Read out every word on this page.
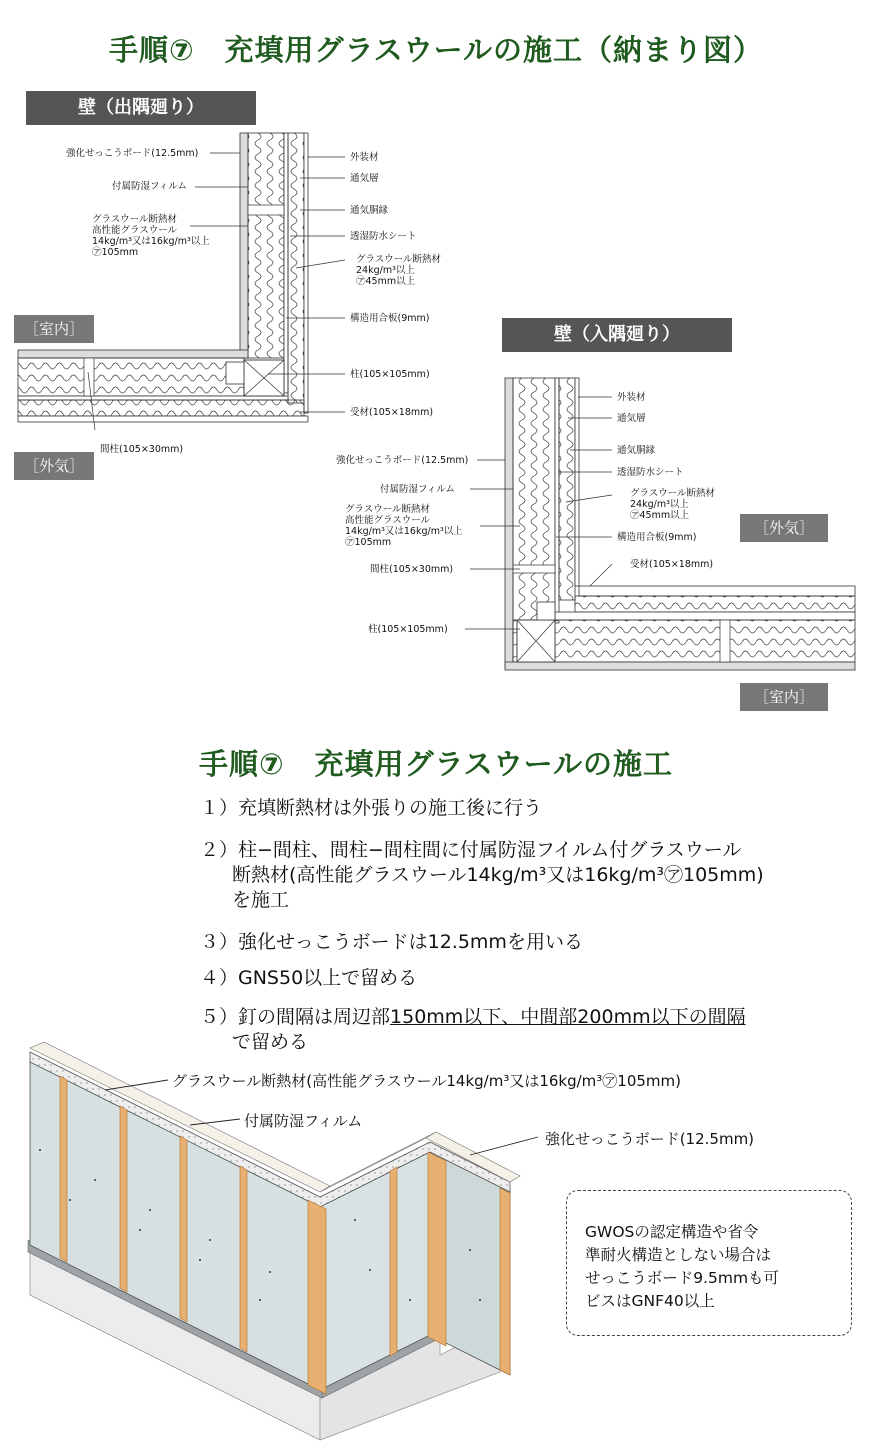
手順⑦　充填用グラスウールの施工（納まり図）
壁（出隅廻り）
［室内］
［外気］
強化せっこうボード(12.5mm)
付属防湿フィルム
グラスウール断熱材
高性能グラスウール
14kg/m³又は16kg/m³以上
㋐105mm
間柱(105×30mm)
外装材
通気層
通気胴縁
透湿防水シート
グラスウール断熱材
24kg/m³以上
㋐45mm以上
構造用合板(9mm)
柱(105×105mm)
受材(105×18mm)
壁（入隅廻り）
［外気］
［室内］
外装材
通気層
通気胴縁
透湿防水シート
グラスウール断熱材
24kg/m³以上
㋐45mm以上
構造用合板(9mm)
受材(105×18mm)
強化せっこうボード(12.5mm)
付属防湿フィルム
グラスウール断熱材
高性能グラスウール
14kg/m³又は16kg/m³以上
㋐105mm
間柱(105×30mm)
柱(105×105mm)
手順⑦　充填用グラスウールの施工
１）充填断熱材は外張りの施工後に行う
２）柱−間柱、間柱−間柱間に付属防湿フイルム付グラスウール
断熱材(高性能グラスウール14kg/m³又は16kg/m³㋐105mm)
を施工
３）強化せっこうボードは12.5mmを用いる
４）GNS50以上で留める
５）釘の間隔は周辺部150mm以下、中間部200mm以下の間隔
で留める
グラスウール断熱材(高性能グラスウール14kg/m³又は16kg/m³㋐105mm)
付属防湿フィルム
強化せっこうボード(12.5mm)
GWOSの認定構造や省令
準耐火構造としない場合は
せっこうボード9.5mmも可
ビスはGNF40以上
